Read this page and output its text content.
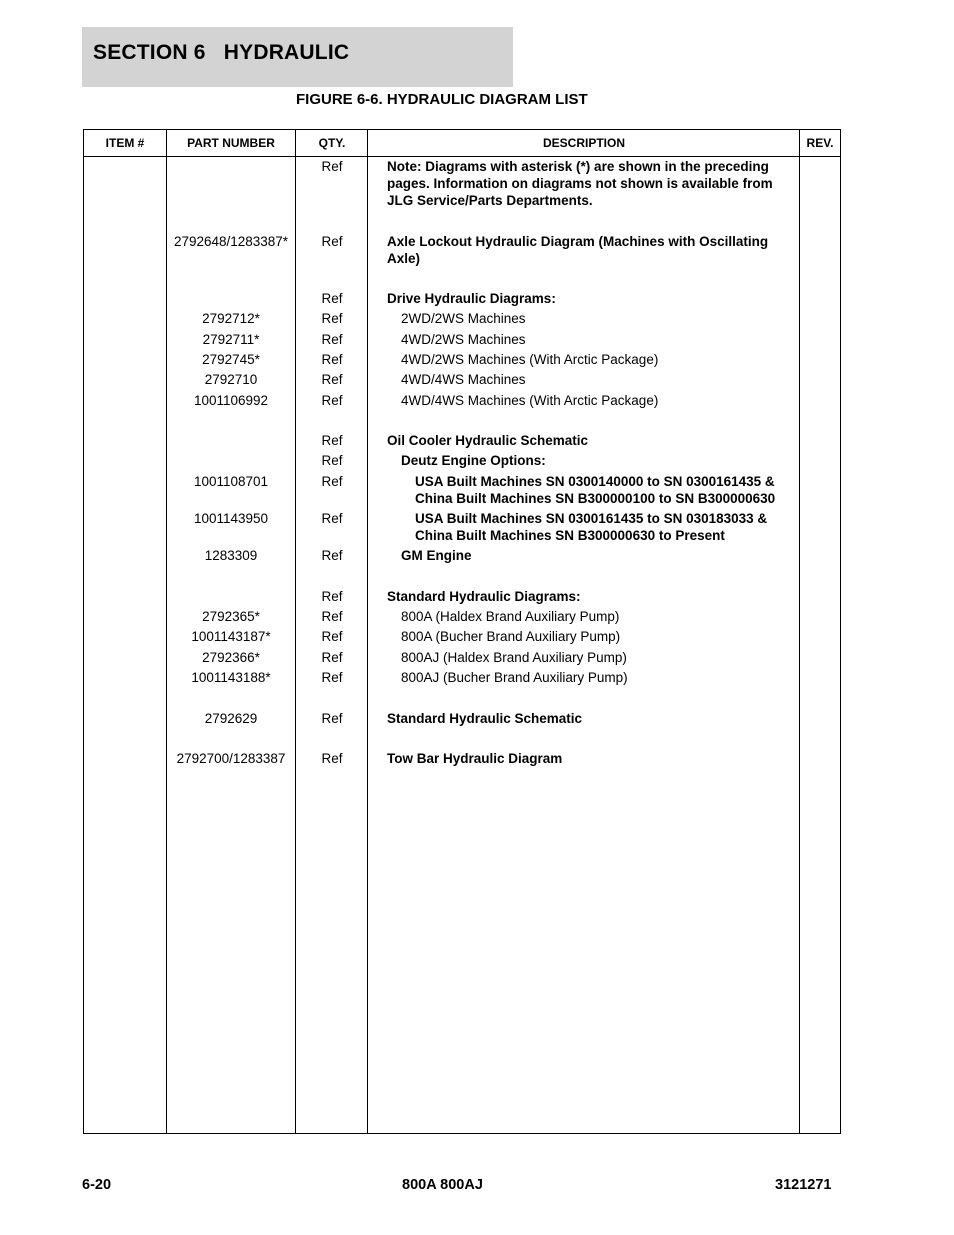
SECTION 6   HYDRAULIC
FIGURE 6-6. HYDRAULIC DIAGRAM LIST
ITEM #	PART NUMBER	QTY.	DESCRIPTION	REV.
Ref	Note: Diagrams with asterisk (*) are shown in the preceding pages. Information on diagrams not shown is available from JLG Service/Parts Departments.
2792648/1283387*	Ref	Axle Lockout Hydraulic Diagram (Machines with Oscillating Axle)
Ref	Drive Hydraulic Diagrams:
2792712*	Ref	2WD/2WS Machines
2792711*	Ref	4WD/2WS Machines
2792745*	Ref	4WD/2WS Machines (With Arctic Package)
2792710	Ref	4WD/4WS Machines
1001106992	Ref	4WD/4WS Machines (With Arctic Package)
Ref	Oil Cooler Hydraulic Schematic
Ref	Deutz Engine Options:
1001108701	Ref	USA Built Machines SN 0300140000 to SN 0300161435 & China Built Machines SN B300000100 to SN B300000630
1001143950	Ref	USA Built Machines SN 0300161435 to SN 030183033 & China Built Machines SN B300000630 to Present
1283309	Ref	GM Engine
Ref	Standard Hydraulic Diagrams:
2792365*	Ref	800A (Haldex Brand Auxiliary Pump)
1001143187*	Ref	800A (Bucher Brand Auxiliary Pump)
2792366*	Ref	800AJ (Haldex Brand Auxiliary Pump)
1001143188*	Ref	800AJ (Bucher Brand Auxiliary Pump)
2792629	Ref	Standard Hydraulic Schematic
2792700/1283387	Ref	Tow Bar Hydraulic Diagram
6-20	800A 800AJ	3121271
